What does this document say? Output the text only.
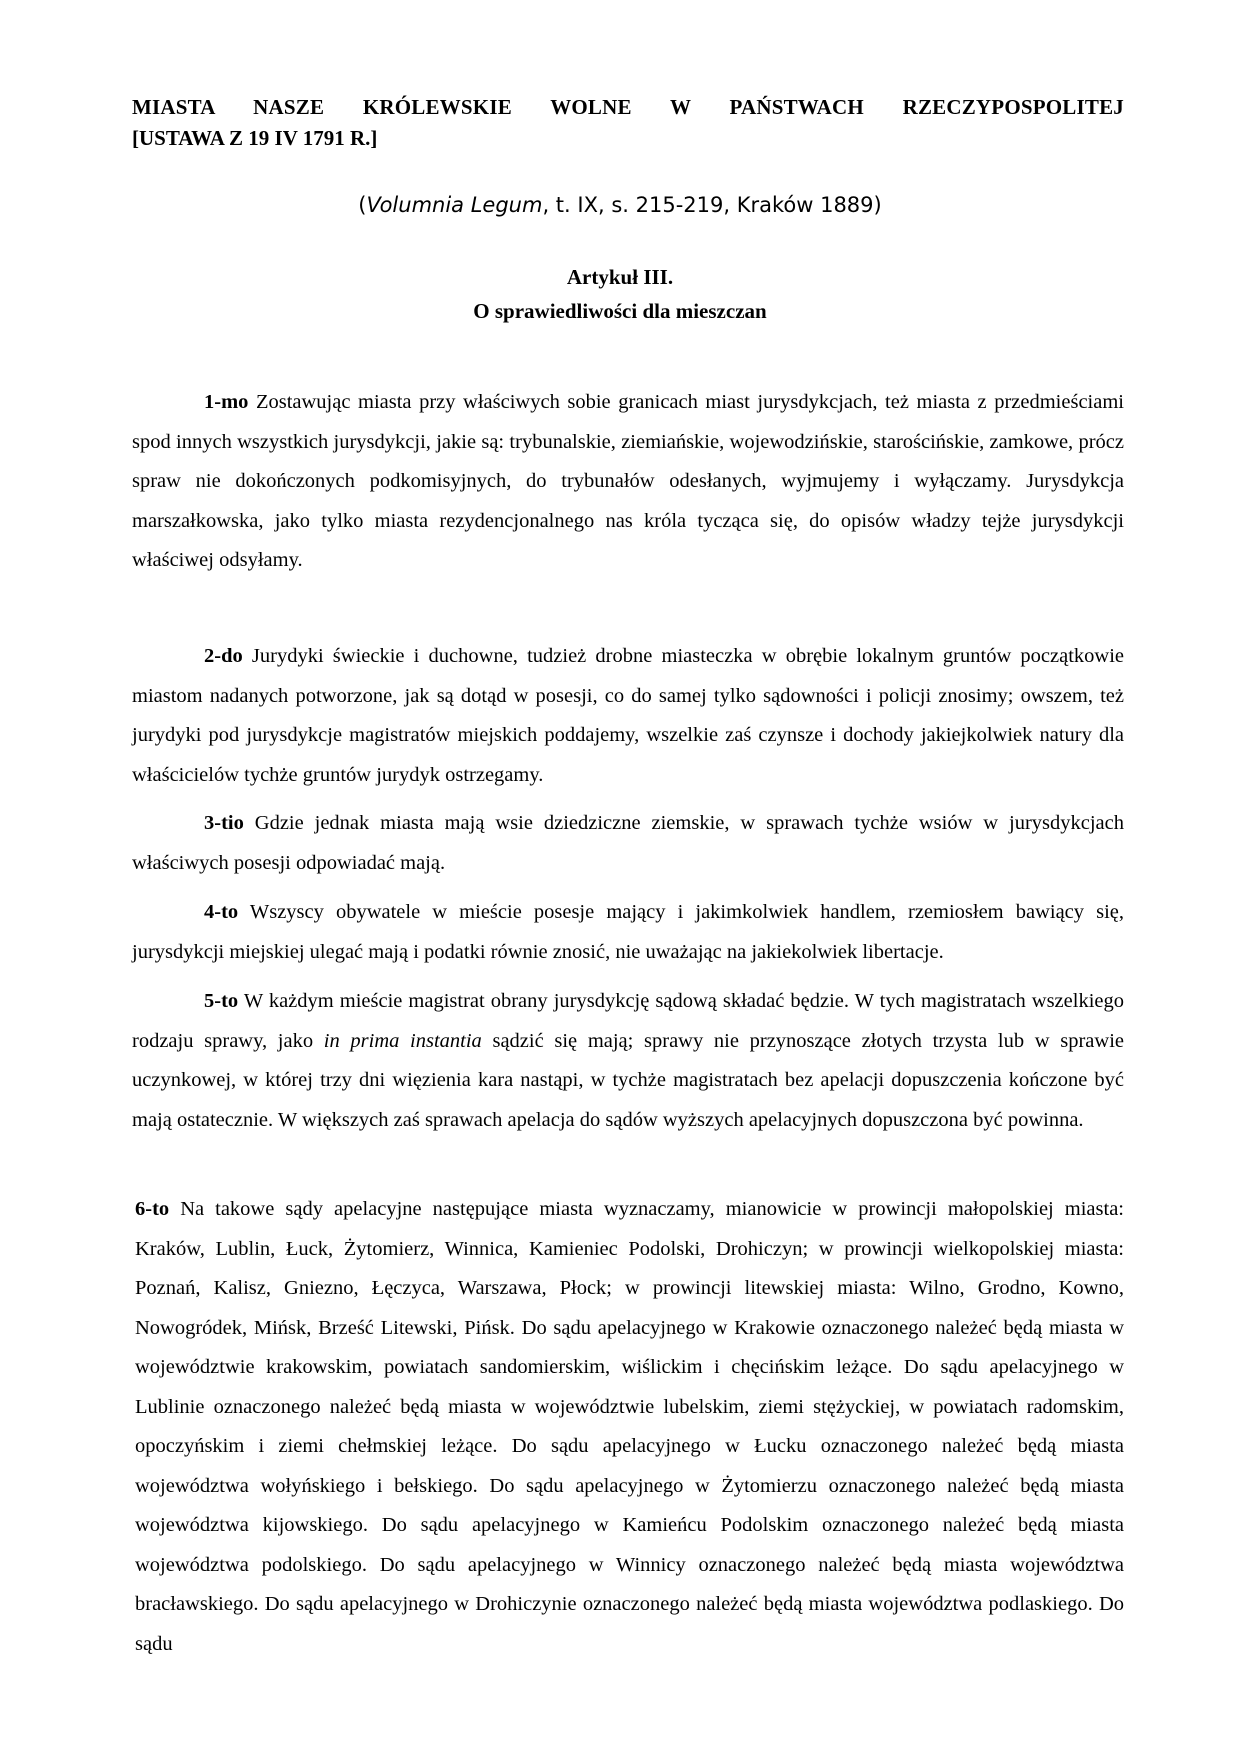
MIASTA NASZE KRÓLEWSKIE WOLNE W PAŃSTWACH RZECZYPOSPOLITEJ
[USTAWA Z 19 IV 1791 R.]
(Volumnia Legum, t. IX, s. 215-219, Kraków 1889)
Artykuł III.
O sprawiedliwości dla mieszczan

1-mo Zostawując miasta przy właściwych sobie granicach miast jurysdykcjach, też miasta z przedmieściami spod innych wszystkich jurysdykcji, jakie są: trybunalskie, ziemiańskie, wojewodzińskie, starościńskie, zamkowe, prócz spraw nie dokończonych podkomisyjnych, do trybunałów odesłanych, wyjmujemy i wyłączamy. Jurysdykcja marszałkowska, jako tylko miasta rezydencjonalnego nas króla tycząca się, do opisów władzy tejże jurysdykcji właściwej odsyłamy.

2-do Jurydyki świeckie i duchowne, tudzież drobne miasteczka w obrębie lokalnym gruntów początkowie miastom nadanych potworzone, jak są dotąd w posesji, co do samej tylko sądowności i policji znosimy; owszem, też jurydyki pod jurysdykcje magistratów miejskich poddajemy, wszelkie zaś czynsze i dochody jakiejkolwiek natury dla właścicielów tychże gruntów jurydyk ostrzegamy.

3-tio Gdzie jednak miasta mają wsie dziedziczne ziemskie, w sprawach tychże wsiów w jurysdykcjach właściwych posesji odpowiadać mają.

4-to Wszyscy obywatele w mieście posesje mający i jakimkolwiek handlem, rzemiosłem bawiący się, jurysdykcji miejskiej ulegać mają i podatki równie znosić, nie uważając na jakiekolwiek libertacje.

5-to W każdym mieście magistrat obrany jurysdykcję sądową składać będzie. W tych magistratach wszelkiego rodzaju sprawy, jako in prima instantia sądzić się mają; sprawy nie przynoszące złotych trzysta lub w sprawie uczynkowej, w której trzy dni więzienia kara nastąpi, w tychże magistratach bez apelacji dopuszczenia kończone być mają ostatecznie. W większych zaś sprawach apelacja do sądów wyższych apelacyjnych dopuszczona być powinna.

6-to Na takowe sądy apelacyjne następujące miasta wyznaczamy, mianowicie w prowincji małopolskiej miasta: Kraków, Lublin, Łuck, Żytomierz, Winnica, Kamieniec Podolski, Drohiczyn; w prowincji wielkopolskiej miasta: Poznań, Kalisz, Gniezno, Łęczyca, Warszawa, Płock; w prowincji litewskiej miasta: Wilno, Grodno, Kowno, Nowogródek, Mińsk, Brześć Litewski, Pińsk. Do sądu apelacyjnego w Krakowie oznaczonego należeć będą miasta w województwie krakowskim, powiatach sandomierskim, wiślickim i chęcińskim leżące. Do sądu apelacyjnego w Lublinie oznaczonego należeć będą miasta w województwie lubelskim, ziemi stężyckiej, w powiatach radomskim, opoczyńskim i ziemi chełmskiej leżące. Do sądu apelacyjnego w Łucku oznaczonego należeć będą miasta województwa wołyńskiego i bełskiego. Do sądu apelacyjnego w Żytomierzu oznaczonego należeć będą miasta województwa kijowskiego. Do sądu apelacyjnego w Kamieńcu Podolskim oznaczonego należeć będą miasta województwa podolskiego. Do sądu apelacyjnego w Winnicy oznaczonego należeć będą miasta województwa bracławskiego. Do sądu apelacyjnego w Drohiczynie oznaczonego należeć będą miasta województwa podlaskiego. Do sądu
